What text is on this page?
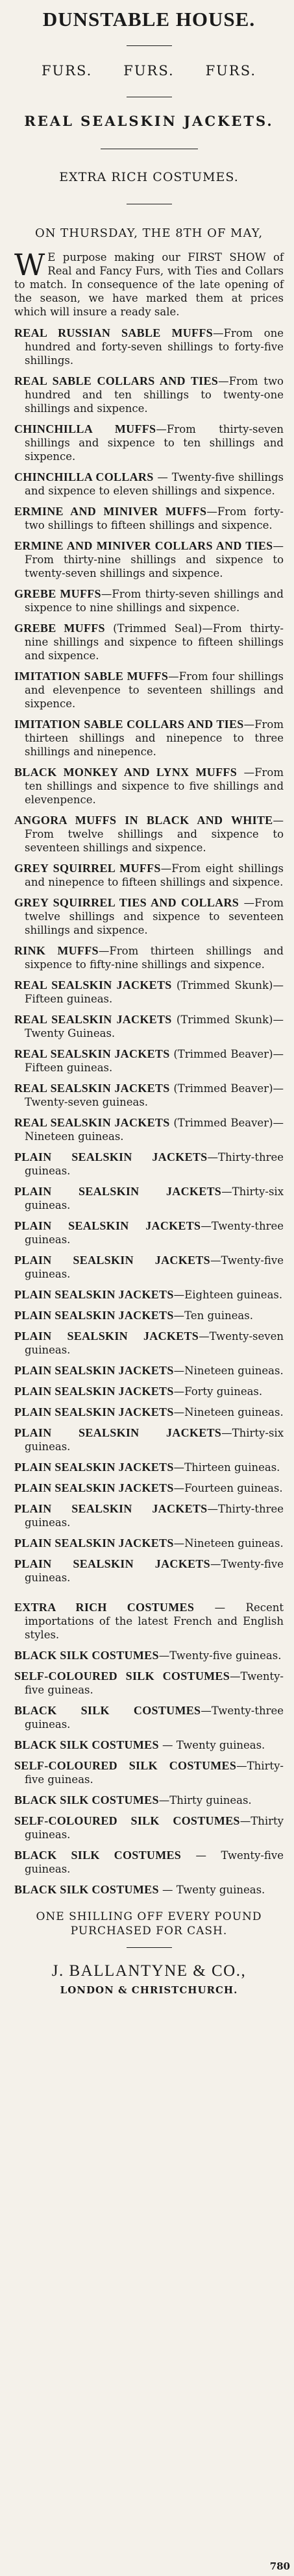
DUNSTABLE HOUSE.
FURS. FURS. FURS.
REAL SEALSKIN JACKETS.
EXTRA RICH COSTUMES.
ON THURSDAY, THE 8TH OF MAY,
W E purpose making our FIRST SHOW of Real and Fancy Furs, with Ties and Collars to match. In consequence of the late opening of the season, we have marked them at prices which will insure a ready sale.
REAL RUSSIAN SABLE MUFFS—From one hundred and forty-seven shillings to forty-five shillings.
REAL SABLE COLLARS AND TIES—From two hundred and ten shillings to twenty-one shillings and sixpence.
CHINCHILLA MUFFS—From thirty-seven shillings and sixpence to ten shillings and sixpence.
CHINCHILLA COLLARS — Twenty-five shillings and sixpence to eleven shillings and sixpence.
ERMINE AND MINIVER MUFFS—From forty-two shillings to fifteen shillings and sixpence.
ERMINE AND MINIVER COLLARS AND TIES—From thirty-nine shillings and sixpence to twenty-seven shillings and sixpence.
GREBE MUFFS—From thirty-seven shillings and sixpence to nine shillings and sixpence.
GREBE MUFFS (Trimmed Seal)—From thirty-nine shillings and sixpence to fifteen shillings and sixpence.
IMITATION SABLE MUFFS—From four shillings and elevenpence to seventeen shillings and sixpence.
IMITATION SABLE COLLARS AND TIES—From thirteen shillings and ninepence to three shillings and ninepence.
BLACK MONKEY AND LYNX MUFFS —From ten shillings and sixpence to five shillings and elevenpence.
ANGORA MUFFS IN BLACK AND WHITE—From twelve shillings and sixpence to seventeen shillings and sixpence.
GREY SQUIRREL MUFFS—From eight shillings and ninepence to fifteen shillings and sixpence.
GREY SQUIRREL TIES AND COLLARS —From twelve shillings and sixpence to seventeen shillings and sixpence.
RINK MUFFS—From thirteen shillings and sixpence to fifty-nine shillings and sixpence.
REAL SEALSKIN JACKETS (Trimmed Skunk)—Fifteen guineas.
REAL SEALSKIN JACKETS (Trimmed Skunk)—Twenty Guineas.
REAL SEALSKIN JACKETS (Trimmed Beaver)—Fifteen guineas.
REAL SEALSKIN JACKETS (Trimmed Beaver)—Twenty-seven guineas.
REAL SEALSKIN JACKETS (Trimmed Beaver)—Nineteen guineas.
PLAIN SEALSKIN JACKETS—Thirty-three guineas.
PLAIN SEALSKIN JACKETS—Thirty-six guineas.
PLAIN SEALSKIN JACKETS—Twenty-three guineas.
PLAIN SEALSKIN JACKETS—Twenty-five guineas.
PLAIN SEALSKIN JACKETS—Eighteen guineas.
PLAIN SEALSKIN JACKETS—Ten guineas.
PLAIN SEALSKIN JACKETS—Twenty-seven guineas.
PLAIN SEALSKIN JACKETS—Nineteen guineas.
PLAIN SEALSKIN JACKETS—Forty guineas.
PLAIN SEALSKIN JACKETS—Nineteen guineas.
PLAIN SEALSKIN JACKETS—Thirty-six guineas.
PLAIN SEALSKIN JACKETS—Thirteen guineas.
PLAIN SEALSKIN JACKETS—Fourteen guineas.
PLAIN SEALSKIN JACKETS—Thirty-three guineas.
PLAIN SEALSKIN JACKETS—Nineteen guineas.
PLAIN SEALSKIN JACKETS—Twenty-five guineas.
EXTRA RICH COSTUMES — Recent importations of the latest French and English styles.
BLACK SILK COSTUMES—Twenty-five guineas.
SELF-COLOURED SILK COSTUMES—Twenty-five guineas.
BLACK SILK COSTUMES—Twenty-three guineas.
BLACK SILK COSTUMES — Twenty guineas.
SELF-COLOURED SILK COSTUMES—Thirty-five guineas.
BLACK SILK COSTUMES—Thirty guineas.
SELF-COLOURED SILK COSTUMES—Thirty guineas.
BLACK SILK COSTUMES — Twenty-five guineas.
BLACK SILK COSTUMES — Twenty guineas.
ONE SHILLING OFF EVERY POUND
PURCHASED FOR CASH.
J. BALLANTYNE & CO.,
LONDON & CHRISTCHURCH.
780
